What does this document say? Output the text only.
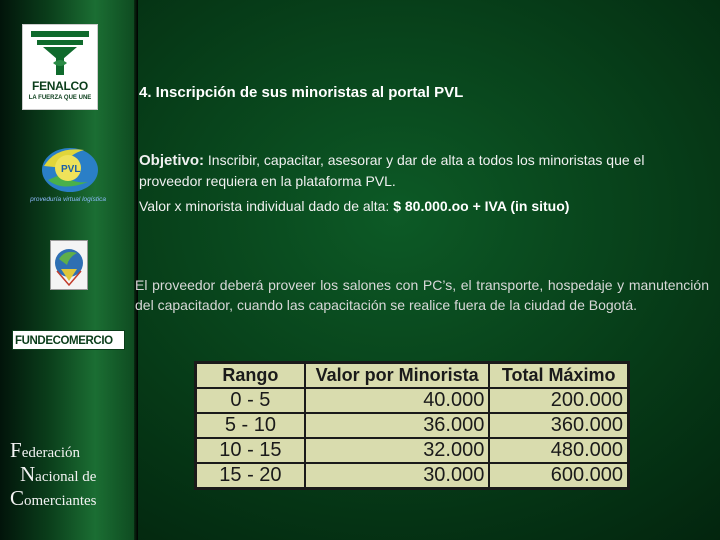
FENALCO
LA FUERZA QUE UNE
PVL
proveduría virtual logística
FUNDECOMERCIO
Federación
Nacional de
Comerciantes
4. Inscripción de sus minoristas al portal PVL
Objetivo: Inscribir, capacitar, asesorar y dar de alta a todos los minoristas que el proveedor requiera en la plataforma PVL.
Valor x minorista individual dado de alta: $ 80.000.oo + IVA (in situo)
El proveedor deberá proveer los salones con PC’s, el transporte, hospedaje y manutención del capacitador, cuando las capacitación se realice fuera de la ciudad de Bogotá.
Rango	Valor por Minorista	Total Máximo
0 - 5	40.000	200.000
5 - 10	36.000	360.000
10 - 15	32.000	480.000
15 - 20	30.000	600.000
